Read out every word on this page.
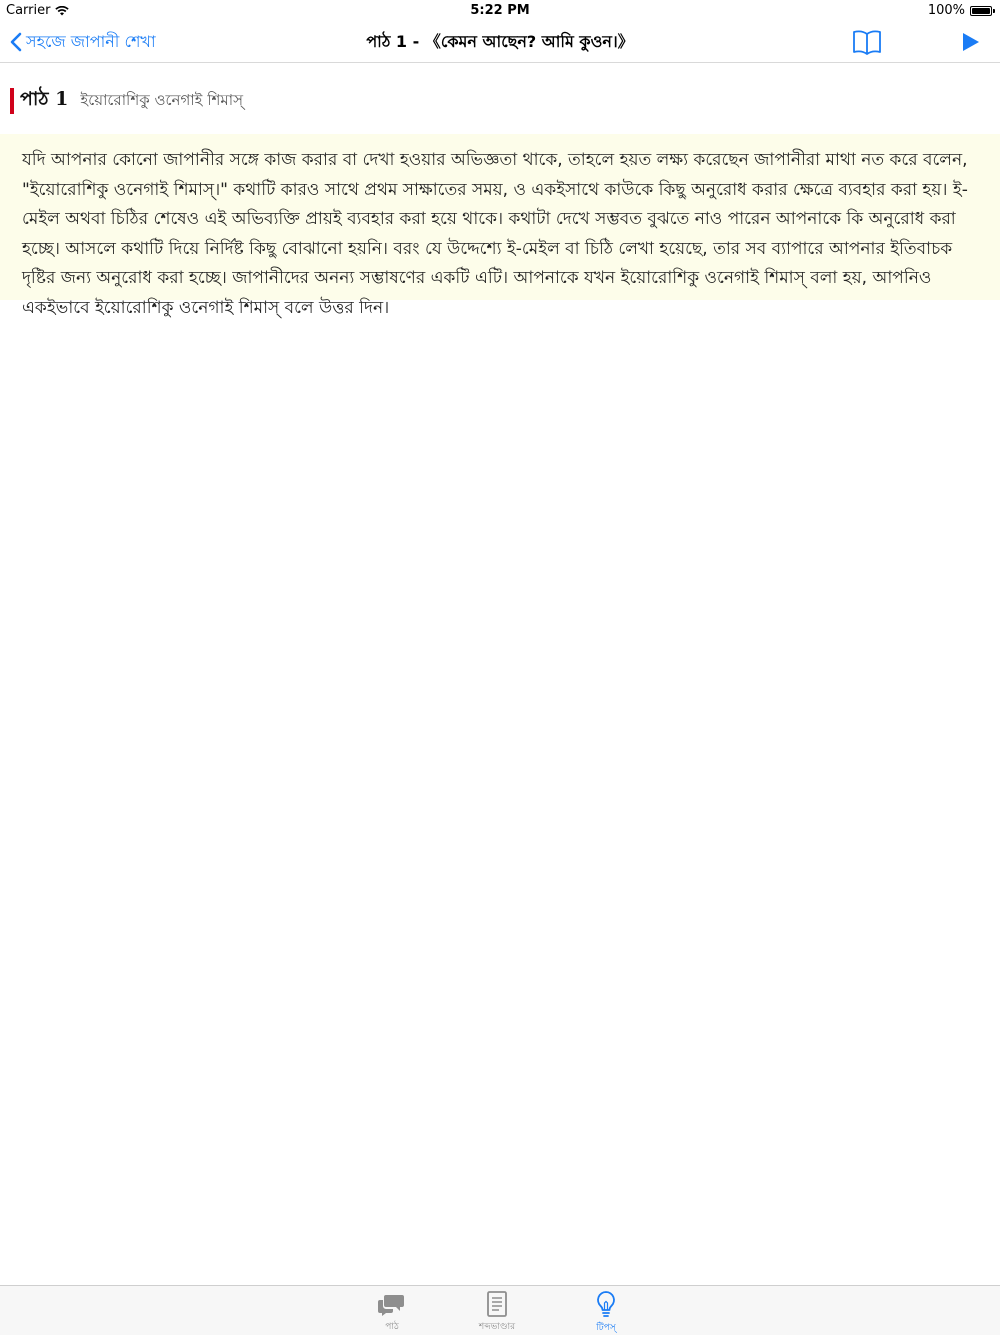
Carrier	5:22 PM	100%
সহজে জাপানী শেখা	পাঠ 1 - 《কেমন আছেন? আমি কুওন।》
পাঠ 1 ইয়োরোশিকু ওনেগাই শিমাস্

যদি আপনার কোনো জাপানীর সঙ্গে কাজ করার বা দেখা হওয়ার অভিজ্ঞতা থাকে, তাহলে হয়ত লক্ষ্য করেছেন জাপানীরা মাথা নত করে বলেন, "ইয়োরোশিকু ওনেগাই শিমাস্।" কথাটি কারও সাথে প্রথম সাক্ষাতের সময়, ও একইসাথে কাউকে কিছু অনুরোধ করার ক্ষেত্রে ব্যবহার করা হয়। ই-মেইল অথবা চিঠির শেষেও এই অভিব্যক্তি প্রায়ই ব্যবহার করা হয়ে থাকে। কথাটা দেখে সম্ভবত বুঝতে নাও পারেন আপনাকে কি অনুরোধ করা হচ্ছে। আসলে কথাটি দিয়ে নির্দিষ্ট কিছু বোঝানো হয়নি। বরং যে উদ্দেশ্যে ই-মেইল বা চিঠি লেখা হয়েছে, তার সব ব্যাপারে আপনার ইতিবাচক দৃষ্টির জন্য অনুরোধ করা হচ্ছে। জাপানীদের অনন্য সম্ভাষণের একটি এটি। আপনাকে যখন ইয়োরোশিকু ওনেগাই শিমাস্ বলা হয়, আপনিও একইভাবে ইয়োরোশিকু ওনেগাই শিমাস্ বলে উত্তর দিন।

পাঠ	শব্দভাণ্ডার	টিপস্
